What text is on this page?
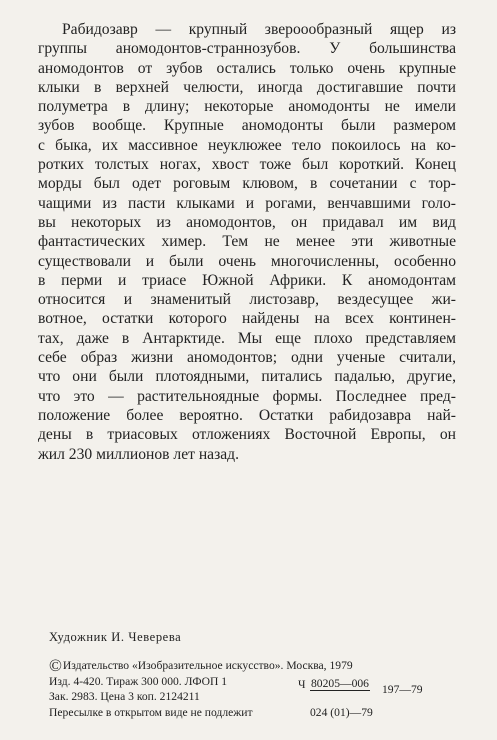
Рабидозавр — крупный звероообразный ящер из
группы аномодонтов-страннозубов. У большинства
аномодонтов от зубов остались только очень крупные
клыки в верхней челюсти, иногда достигавшие почти
полуметра в длину; некоторые аномодонты не имели
зубов вообще. Крупные аномодонты были размером
с быка, их массивное неуклюжее тело покоилось на ко-
ротких толстых ногах, хвост тоже был короткий. Конец
морды был одет роговым клювом, в сочетании с тор-
чащими из пасти клыками и рогами, венчавшими голо-
вы некоторых из аномодонтов, он придавал им вид
фантастических химер. Тем не менее эти животные
существовали и были очень многочисленны, особенно
в перми и триасе Южной Африки. К аномодонтам
относится и знаменитый листозавр, вездесущее жи-
вотное, остатки которого найдены на всех континен-
тах, даже в Антарктиде. Мы еще плохо представляем
себе образ жизни аномодонтов; одни ученые считали,
что они были плотоядными, питались падалью, другие,
что это — растительноядные формы. Последнее пред-
положение более вероятно. Остатки рабидозавра най-
дены в триасовых отложениях Восточной Европы, он
жил 230 миллионов лет назад.
Художник И. Чеверева
©Издательство «Изобразительное искусство». Москва, 1979
Изд. 4-420. Тираж 300 000. ЛФОП 1	Ч 80205—006 197—79
024 (01)—79
Зак. 2983. Цена 3 коп. 2124211
Пересылке в открытом виде не подлежит
